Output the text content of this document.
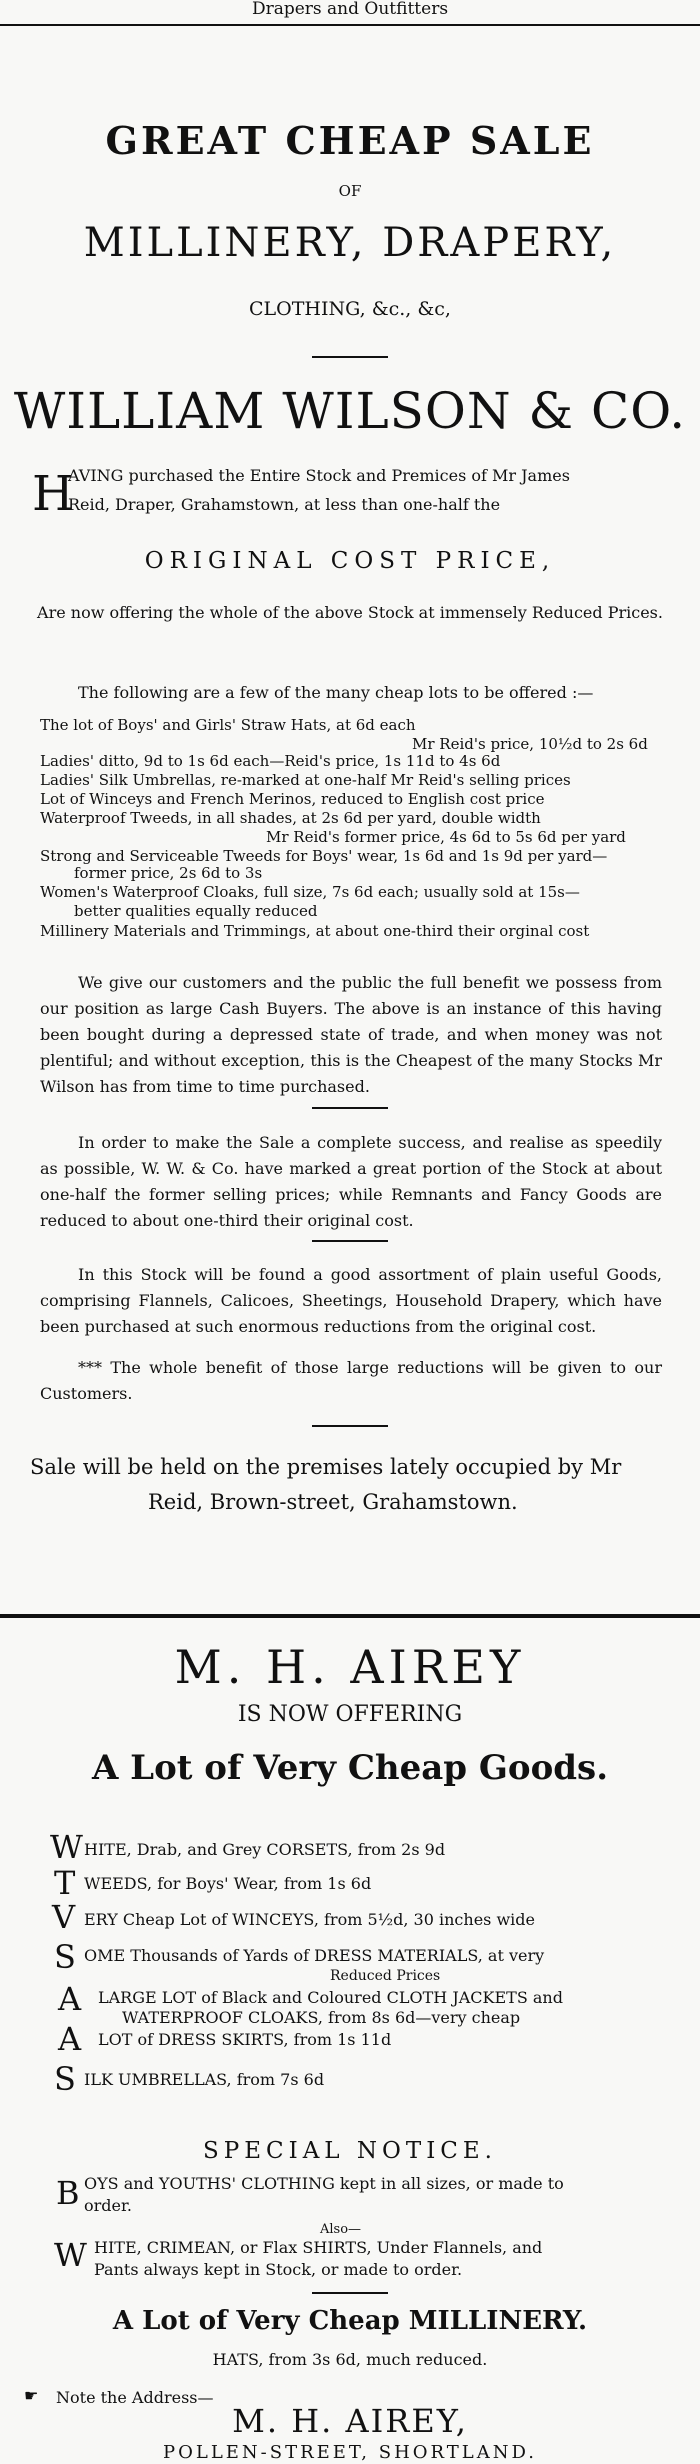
Drapers and Outfitters
GREAT CHEAP SALE
OF
MILLINERY, DRAPERY,
CLOTHING, &c., &c,
WILLIAM WILSON & CO.
H
AVING purchased the Entire Stock and Premices of Mr James
Reid, Draper, Grahamstown, at less than one-half the
ORIGINAL COST PRICE,
Are now offering the whole of the above Stock at immensely Reduced Prices.
The following are a few of the many cheap lots to be offered :—
The lot of Boys' and Girls' Straw Hats, at 6d each
Mr Reid's price, 10½d to 2s 6d
Ladies' ditto, 9d to 1s 6d each—Reid's price, 1s 11d to 4s 6d
Ladies' Silk Umbrellas, re-marked at one-half Mr Reid's selling prices
Lot of Winceys and French Merinos, reduced to English cost price
Waterproof Tweeds, in all shades, at 2s 6d per yard, double width
Mr Reid's former price, 4s 6d to 5s 6d per yard
Strong and Serviceable Tweeds for Boys' wear, 1s 6d and 1s 9d per yard—
former price, 2s 6d to 3s
Women's Waterproof Cloaks, full size, 7s 6d each; usually sold at 15s—
better qualities equally reduced
Millinery Materials and Trimmings, at about one-third their orginal cost
We give our customers and the public the full benefit we possess from our position as large Cash Buyers. The above is an instance of this having been bought during a depressed state of trade, and when money was not plentiful; and without exception, this is the Cheapest of the many Stocks Mr Wilson has from time to time purchased.
In order to make the Sale a complete success, and realise as speedily as possible, W. W. & Co. have marked a great portion of the Stock at about one-half the former selling prices; while Remnants and Fancy Goods are reduced to about one-third their original cost.
In this Stock will be found a good assortment of plain useful Goods, comprising Flannels, Calicoes, Sheetings, Household Drapery, which have been purchased at such enormous reductions from the original cost.
*** The whole benefit of those large reductions will be given to our Customers.
Sale will be held on the premises lately occupied by Mr
Reid, Brown-street, Grahamstown.
M. H. AIREY
IS NOW OFFERING
A Lot of Very Cheap Goods.
W HITE, Drab, and Grey CORSETS, from 2s 9d
T WEEDS, for Boys' Wear, from 1s 6d
V ERY Cheap Lot of WINCEYS, from 5½d, 30 inches wide
S OME Thousands of Yards of DRESS MATERIALS, at very
Reduced Prices
A LARGE LOT of Black and Coloured CLOTH JACKETS and
WATERPROOF CLOAKS, from 8s 6d—very cheap
A LOT of DRESS SKIRTS, from 1s 11d
S ILK UMBRELLAS, from 7s 6d
SPECIAL NOTICE.
B OYS and YOUTHS' CLOTHING kept in all sizes, or made to
order.
Also—
W HITE, CRIMEAN, or Flax SHIRTS, Under Flannels, and
Pants always kept in Stock, or made to order.
A Lot of Very Cheap MILLINERY.
HATS, from 3s 6d, much reduced.
☛ Note the Address—
M. H. AIREY,
POLLEN-STREET, SHORTLAND.
